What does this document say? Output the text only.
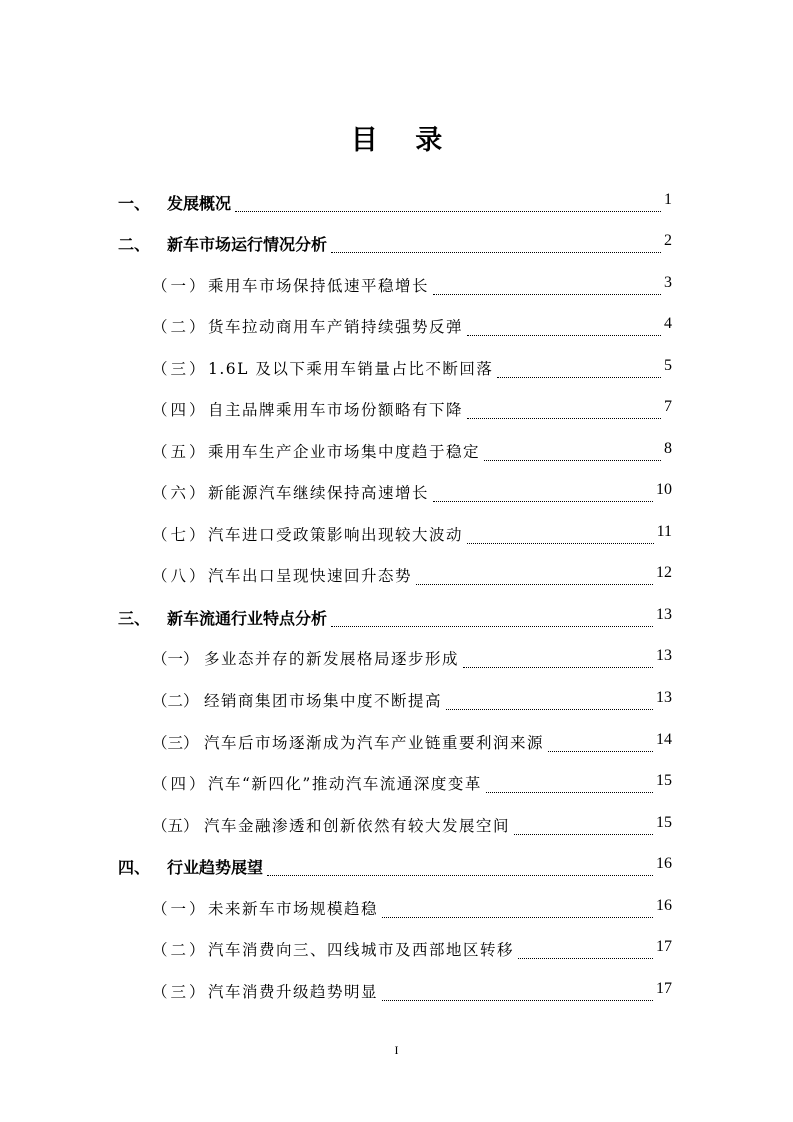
目 录
一、 发展概况	1
二、 新车市场运行情况分析	2
（一） 乘用车市场保持低速平稳增长	3
（二） 货车拉动商用车产销持续强势反弹	4
（三） 1.6L 及以下乘用车销量占比不断回落	5
（四） 自主品牌乘用车市场份额略有下降	7
（五） 乘用车生产企业市场集中度趋于稳定	8
（六） 新能源汽车继续保持高速增长	10
（七） 汽车进口受政策影响出现较大波动	11
（八） 汽车出口呈现快速回升态势	12
三、 新车流通行业特点分析	13
（一） 多业态并存的新发展格局逐步形成	13
（二） 经销商集团市场集中度不断提高	13
（三） 汽车后市场逐渐成为汽车产业链重要利润来源	14
（四） 汽车“新四化”推动汽车流通深度变革	15
（五） 汽车金融渗透和创新依然有较大发展空间	15
四、 行业趋势展望	16
（一） 未来新车市场规模趋稳	16
（二） 汽车消费向三、四线城市及西部地区转移	17
（三） 汽车消费升级趋势明显	17
I
